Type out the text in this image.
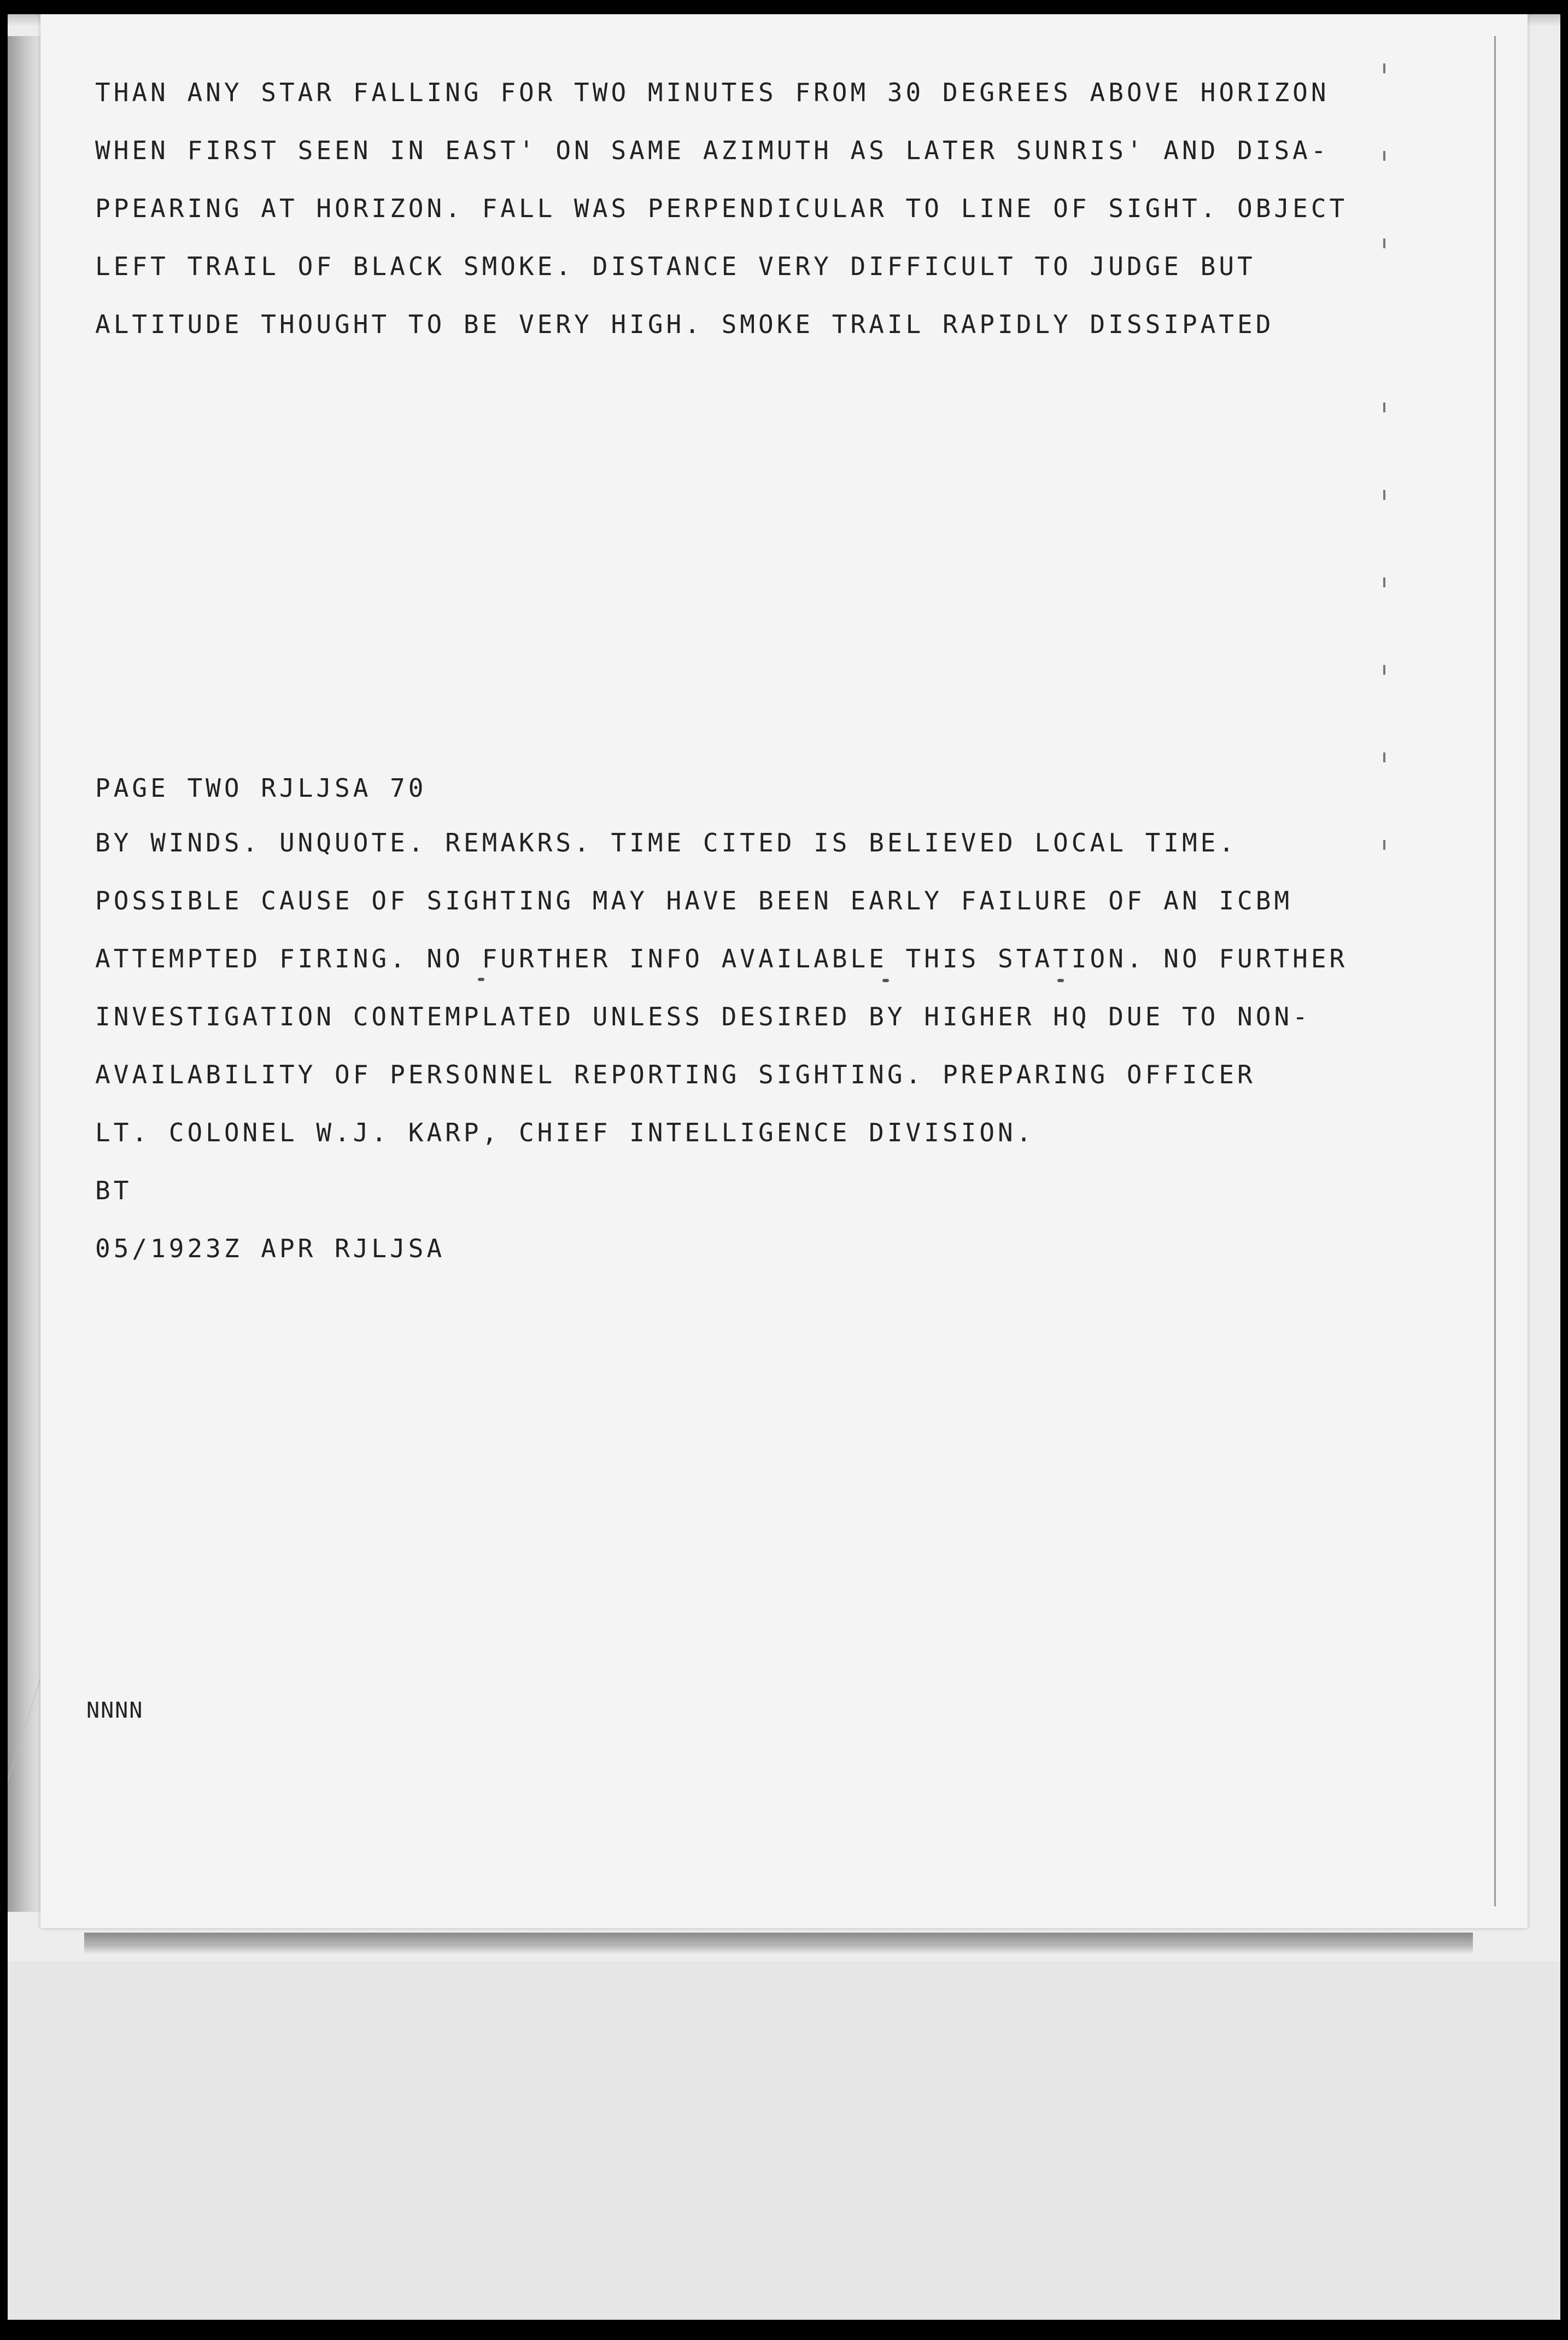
THAN ANY STAR FALLING FOR TWO MINUTES FROM 30 DEGREES ABOVE HORIZON

WHEN FIRST SEEN IN EAST' ON SAME AZIMUTH AS LATER SUNRIS' AND DISA-

PPEARING AT HORIZON. FALL WAS PERPENDICULAR TO LINE OF SIGHT. OBJECT

LEFT TRAIL OF BLACK SMOKE. DISTANCE VERY DIFFICULT TO JUDGE BUT

ALTITUDE THOUGHT TO BE VERY HIGH. SMOKE TRAIL RAPIDLY DISSIPATED

PAGE TWO RJLJSA 70

BY WINDS. UNQUOTE. REMAKRS. TIME CITED IS BELIEVED LOCAL TIME.

POSSIBLE CAUSE OF SIGHTING MAY HAVE BEEN EARLY FAILURE OF AN ICBM

ATTEMPTED FIRING. NO FURTHER INFO AVAILABLE THIS STATION. NO FURTHER

INVESTIGATION CONTEMPLATED UNLESS DESIRED BY HIGHER HQ DUE TO NON-

AVAILABILITY OF PERSONNEL REPORTING SIGHTING. PREPARING OFFICER

LT. COLONEL W.J. KARP, CHIEF INTELLIGENCE DIVISION.

BT

05/1923Z APR RJLJSA

NNNN
